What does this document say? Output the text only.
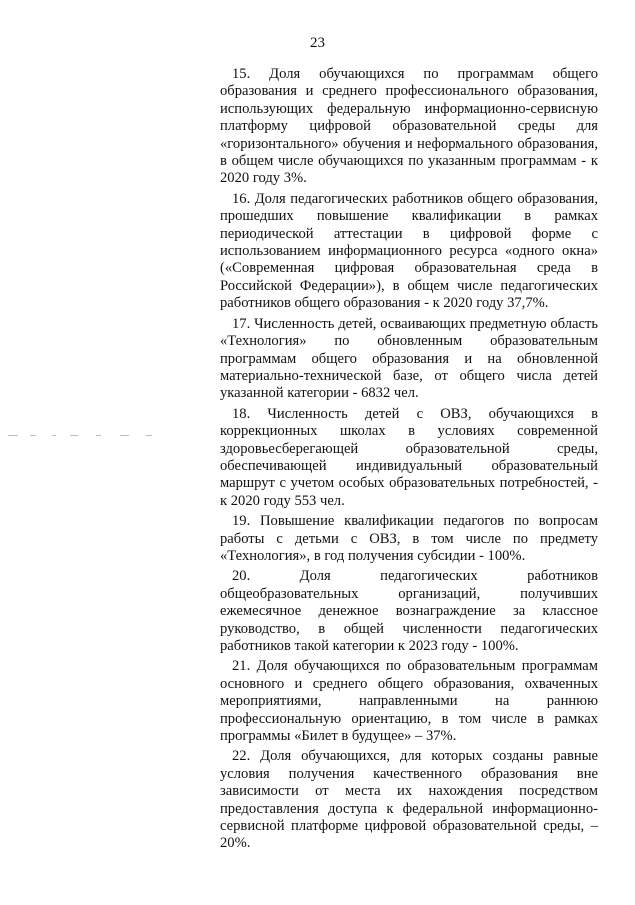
23

15. Доля обучающихся по программам общего образования и среднего профессионального образования, использующих федеральную информационно-сервисную платформу цифровой образовательной среды для «горизонтального» обучения и неформального образования, в общем числе обучающихся по указанным программам - к 2020 году 3%.

16. Доля педагогических работников общего образования, прошедших повышение квалификации в рамках периодической аттестации в цифровой форме с использованием информационного ресурса «одного окна» («Современная цифровая образовательная среда в Российской Федерации»), в общем числе педагогических работников общего образования - к 2020 году 37,7%.

17. Численность детей, осваивающих предметную область «Технология» по обновленным образовательным программам общего образования и на обновленной материально-технической базе, от общего числа детей указанной категории - 6832 чел.

18. Численность детей с ОВЗ, обучающихся в коррекционных школах в условиях современной здоровьесберегающей образовательной среды, обеспечивающей индивидуальный образовательный маршрут с учетом особых образовательных потребностей, - к 2020 году 553 чел.

19. Повышение квалификации педагогов по вопросам работы с детьми с ОВЗ, в том числе по предмету «Технология», в год получения субсидии - 100%.

20. Доля педагогических работников общеобразовательных организаций, получивших ежемесячное денежное вознаграждение за классное руководство, в общей численности педагогических работников такой категории к 2023 году - 100%.

21. Доля обучающихся по образовательным программам основного и среднего общего образования, охваченных мероприятиями, направленными на раннюю профессиональную ориентацию, в том числе в рамках программы «Билет в будущее» – 37%.

22. Доля обучающихся, для которых созданы равные условия получения качественного образования вне зависимости от места их нахождения посредством предоставления доступа к федеральной информационно-сервисной платформе цифровой образовательной среды, – 20%.
